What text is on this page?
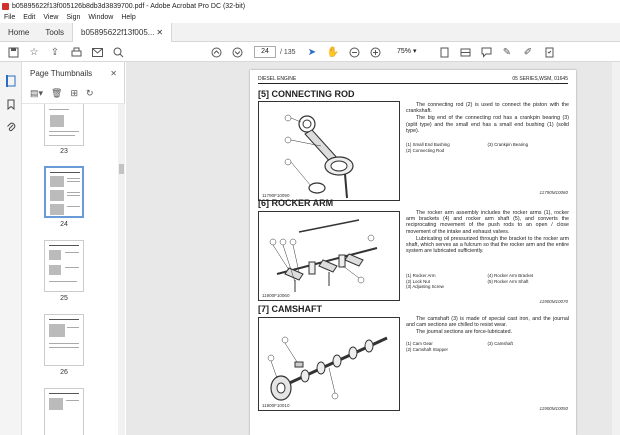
b05895622f13f005126b8db3d3839700.pdf - Adobe Acrobat Pro DC (32-bit)
File Edit View Sign Window Help
Home	Tools	b05895622f13f005... ✕
☆ ⇪	24	/ 135 ➤ ✋	75% ▾	✎ ✐
Page Thumbnails ✕
▤▾ 🗑 ⊞ ↻
23
24
25
26
DIESEL ENGINE	05 SERIES,WSM, 01645
[5] CONNECTING ROD
11790F10090

The connecting rod (2) is used to connect the piston with the crankshaft.

The big end of the connecting rod has a crankpin bearing (3) (split type) and the small end has a small end bushing (1) (solid type).

(1) Small End Bushing	(3) Crankpin Bearing
(2) Connecting Rod
11790M10060
[6] ROCKER ARM
11900F10060

The rocker arm assembly includes the rocker arms (1), rocker arm brackets (4) and rocker arm shaft (5), and converts the reciprocating movement of the push rods to an open / close movement of the intake and exhaust valves.

Lubricating oil pressurized through the bracket to the rocker arm shaft, which serves as a fulcrum so that the rocker arm and the entire system are lubricated sufficiently.

(1) Rocker Arm	(4) Rocker Arm Bracket
(2) Lock Nut	(5) Rocker Arm Shaft
(3) Adjusting Screw
11900M10070
[7] CAMSHAFT
11900F10010

The camshaft (3) is made of special cast iron, and the journal and cam sections are chilled to resist wear.

The journal sections are force-lubricated.

(1) Cam Gear	(3) Camshaft
(2) Camshaft Stopper
11900M10050
